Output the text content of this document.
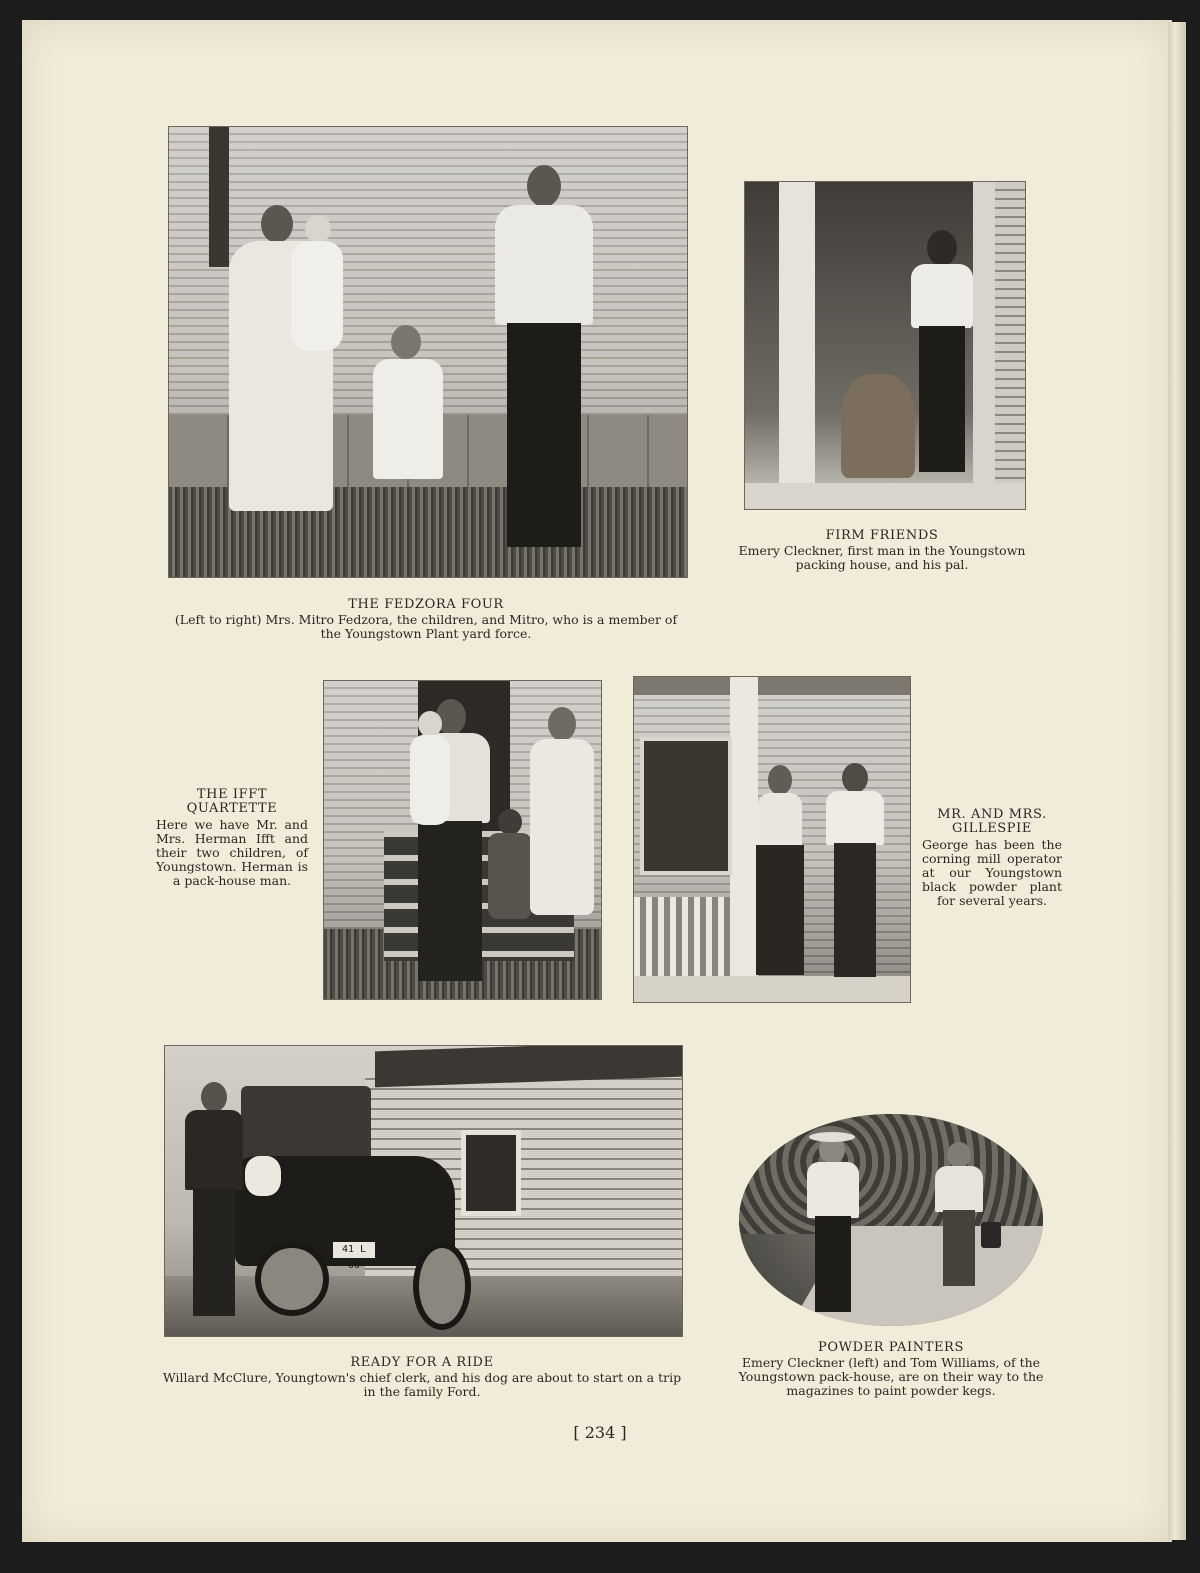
THE FEDZORA FOUR
(Left to right) Mrs. Mitro Fedzora, the children, and Mitro, who is a member of the Youngstown Plant yard force.
FIRM FRIENDS
Emery Cleckner, first man in the Youngstown packing house, and his pal.
THE IFFT QUARTETTE
Here we have Mr. and Mrs. Herman Ifft and their two children, of Youngstown. Herman is a pack-house man.
MR. AND MRS. GILLESPIE
George has been the corning mill operator at our Youngstown black powder plant for several years.
41 L 00
READY FOR A RIDE
Willard McClure, Youngtown's chief clerk, and his dog are about to start on a trip in the family Ford.
POWDER PAINTERS
Emery Cleckner (left) and Tom Williams, of the Youngstown pack-house, are on their way to the magazines to paint powder kegs.
[ 234 ]
